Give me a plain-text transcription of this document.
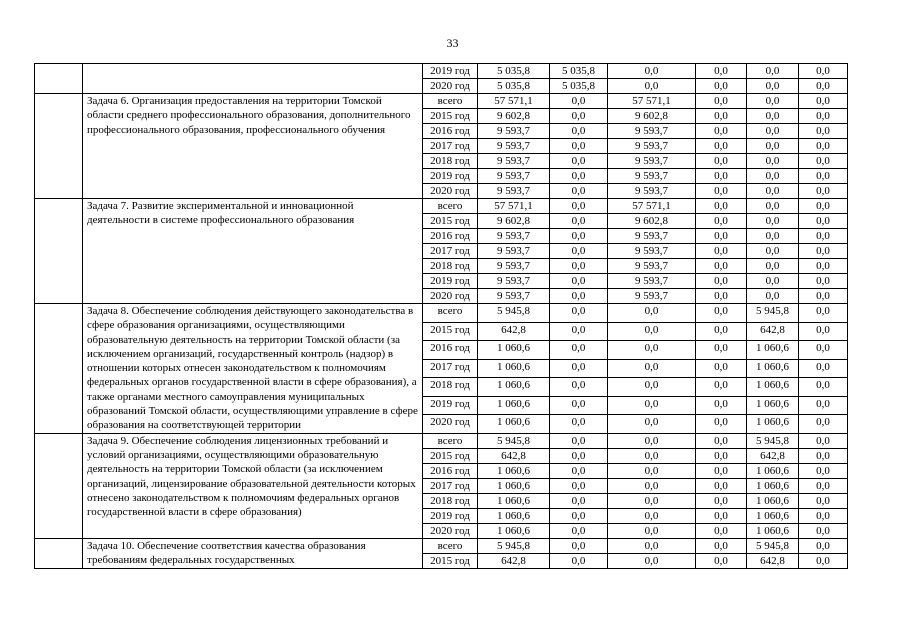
33
		2019 год	5 035,8	5 035,8	0,0	0,0	0,0	0,0
		2020 год	5 035,8	5 035,8	0,0	0,0	0,0	0,0
	Задача 6. Организация предоставления на территории Томской области среднего профессионального образования, дополнительного профессионального образования, профессионального обучения	всего	57 571,1	0,0	57 571,1	0,0	0,0	0,0
		2015 год	9 602,8	0,0	9 602,8	0,0	0,0	0,0
		2016 год	9 593,7	0,0	9 593,7	0,0	0,0	0,0
		2017 год	9 593,7	0,0	9 593,7	0,0	0,0	0,0
		2018 год	9 593,7	0,0	9 593,7	0,0	0,0	0,0
		2019 год	9 593,7	0,0	9 593,7	0,0	0,0	0,0
		2020 год	9 593,7	0,0	9 593,7	0,0	0,0	0,0
	Задача 7. Развитие экспериментальной и инновационной деятельности в системе профессионального образования	всего	57 571,1	0,0	57 571,1	0,0	0,0	0,0
		2015 год	9 602,8	0,0	9 602,8	0,0	0,0	0,0
		2016 год	9 593,7	0,0	9 593,7	0,0	0,0	0,0
		2017 год	9 593,7	0,0	9 593,7	0,0	0,0	0,0
		2018 год	9 593,7	0,0	9 593,7	0,0	0,0	0,0
		2019 год	9 593,7	0,0	9 593,7	0,0	0,0	0,0
		2020 год	9 593,7	0,0	9 593,7	0,0	0,0	0,0
	Задача 8. Обеспечение соблюдения действующего законодательства в сфере образования организациями, осуществляющими образовательную деятельность на территории Томской области (за исключением организаций, государственный контроль (надзор) в отношении которых отнесен законодательством к полномочиям федеральных органов государственной власти в сфере образования), а также органами местного самоуправления муниципальных образований Томской области, осуществляющими управление в сфере образования на соответствующей территории	всего	5 945,8	0,0	0,0	0,0	5 945,8	0,0
		2015 год	642,8	0,0	0,0	0,0	642,8	0,0
		2016 год	1 060,6	0,0	0,0	0,0	1 060,6	0,0
		2017 год	1 060,6	0,0	0,0	0,0	1 060,6	0,0
		2018 год	1 060,6	0,0	0,0	0,0	1 060,6	0,0
		2019 год	1 060,6	0,0	0,0	0,0	1 060,6	0,0
		2020 год	1 060,6	0,0	0,0	0,0	1 060,6	0,0
	Задача 9. Обеспечение соблюдения лицензионных требований и условий организациями, осуществляющими образовательную деятельность на территории Томской области (за исключением организаций, лицензирование образовательной деятельности которых отнесено законодательством к полномочиям федеральных органов государственной власти в сфере образования)	всего	5 945,8	0,0	0,0	0,0	5 945,8	0,0
		2015 год	642,8	0,0	0,0	0,0	642,8	0,0
		2016 год	1 060,6	0,0	0,0	0,0	1 060,6	0,0
		2017 год	1 060,6	0,0	0,0	0,0	1 060,6	0,0
		2018 год	1 060,6	0,0	0,0	0,0	1 060,6	0,0
		2019 год	1 060,6	0,0	0,0	0,0	1 060,6	0,0
		2020 год	1 060,6	0,0	0,0	0,0	1 060,6	0,0
	Задача 10. Обеспечение соответствия качества образования требованиям федеральных государственных	всего	5 945,8	0,0	0,0	0,0	5 945,8	0,0
		2015 год	642,8	0,0	0,0	0,0	642,8	0,0
